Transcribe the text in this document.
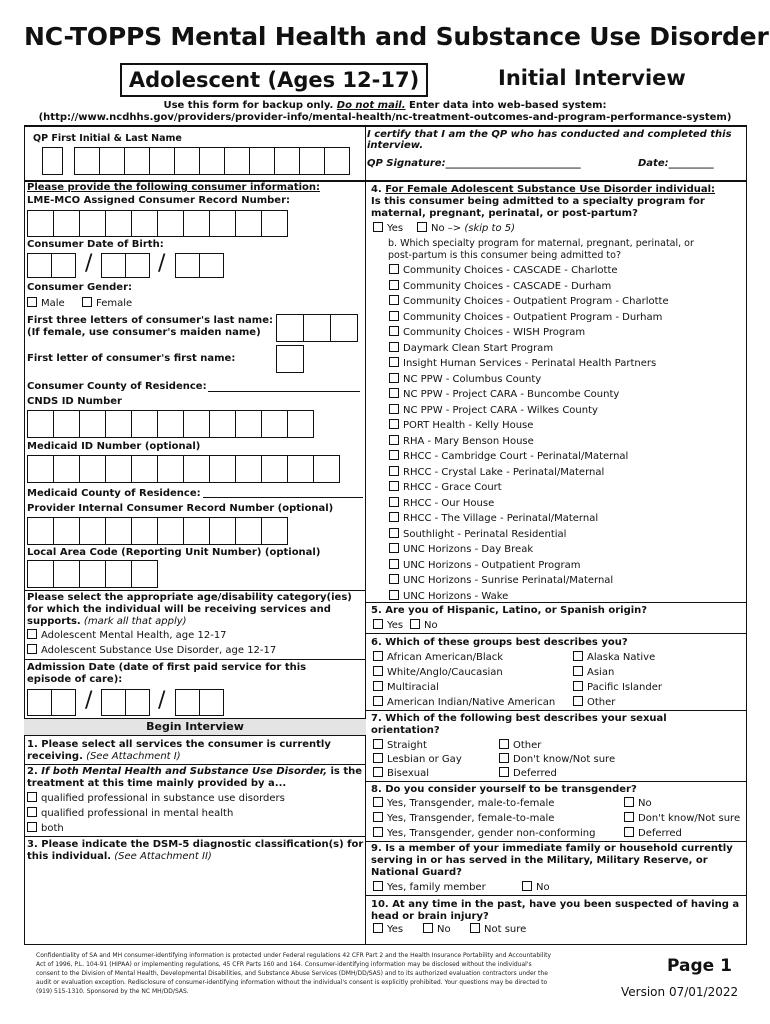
NC-TOPPS Mental Health and Substance Use Disorder
Adolescent (Ages 12-17)	Initial Interview
Use this form for backup only. Do not mail. Enter data into web-based system:
(http://www.ncdhhs.gov/providers/provider-info/mental-health/nc-treatment-outcomes-and-program-performance-system)
QP First Initial & Last Name	I certify that I am the QP who has conducted and completed this interview.
QP Signature:___________________________	Date:_________
Please provide the following consumer information:
LME-MCO Assigned Consumer Record Number:
Consumer Date of Birth:
/	/
Consumer Gender:
Male	Female
First three letters of consumer's last name:
(If female, use consumer's maiden name)
First letter of consumer's first name:
Consumer County of Residence:
CNDS ID Number
Medicaid ID Number (optional)
Medicaid County of Residence:
Provider Internal Consumer Record Number (optional)
Local Area Code (Reporting Unit Number) (optional)
Please select the appropriate age/disability category(ies)
for which the individual will be receiving services and
supports. (mark all that apply)
Adolescent Mental Health, age 12-17
Adolescent Substance Use Disorder, age 12-17
Admission Date (date of first paid service for this
episode of care):
/	/
Begin Interview
1. Please select all services the consumer is currently
receiving. (See Attachment I)
2. If both Mental Health and Substance Use Disorder, is the
treatment at this time mainly provided by a...
qualified professional in substance use disorders
qualified professional in mental health
both
3. Please indicate the DSM-5 diagnostic classification(s) for
this individual. (See Attachment II)
4. For Female Adolescent Substance Use Disorder individual:
Is this consumer being admitted to a specialty program for
maternal, pregnant, perinatal, or post-partum?
Yes	No –> (skip to 5)
b. Which specialty program for maternal, pregnant, perinatal, or
post-partum is this consumer being admitted to?
Community Choices - CASCADE - Charlotte
Community Choices - CASCADE - Durham
Community Choices - Outpatient Program - Charlotte
Community Choices - Outpatient Program - Durham
Community Choices - WISH Program
Daymark Clean Start Program
Insight Human Services - Perinatal Health Partners
NC PPW - Columbus County
NC PPW - Project CARA - Buncombe County
NC PPW - Project CARA - Wilkes County
PORT Health - Kelly House
RHA - Mary Benson House
RHCC - Cambridge Court - Perinatal/Maternal
RHCC - Crystal Lake - Perinatal/Maternal
RHCC - Grace Court
RHCC - Our House
RHCC - The Village - Perinatal/Maternal
Southlight - Perinatal Residential
UNC Horizons - Day Break
UNC Horizons - Outpatient Program
UNC Horizons - Sunrise Perinatal/Maternal
UNC Horizons - Wake
5. Are you of Hispanic, Latino, or Spanish origin?
Yes	No
6. Which of these groups best describes you?
African American/Black	Alaska Native
White/Anglo/Caucasian	Asian
Multiracial	Pacific Islander
American Indian/Native American	Other
7. Which of the following best describes your sexual
orientation?
Straight	Other
Lesbian or Gay	Don't know/Not sure
Bisexual	Deferred
8. Do you consider yourself to be transgender?
Yes, Transgender, male-to-female	No
Yes, Transgender, female-to-male	Don't know/Not sure
Yes, Transgender, gender non-conforming	Deferred
9. Is a member of your immediate family or household currently
serving in or has served in the Military, Military Reserve, or
National Guard?
Yes, family member	No
10. At any time in the past, have you been suspected of having a
head or brain injury?
Yes	No	Not sure
Confidentiality of SA and MH consumer-identifying information is protected under Federal regulations 42 CFR Part 2 and the Health Insurance Portability and Accountability
Act of 1996, P.L. 104-91 (HIPAA) or implementing regulations, 45 CFR Parts 160 and 164. Consumer-identifying information may be disclosed without the individual's
consent to the Division of Mental Health, Developmental Disabilities, and Substance Abuse Services (DMH/DD/SAS) and to its authorized evaluation contractors under the
audit or evaluation exception. Redisclosure of consumer-identifying information without the individual's consent is explicitly prohibited. Your questions may be directed to
(919) 515-1310. Sponsored by the NC MH/DD/SAS.
Page 1
Version 07/01/2022
